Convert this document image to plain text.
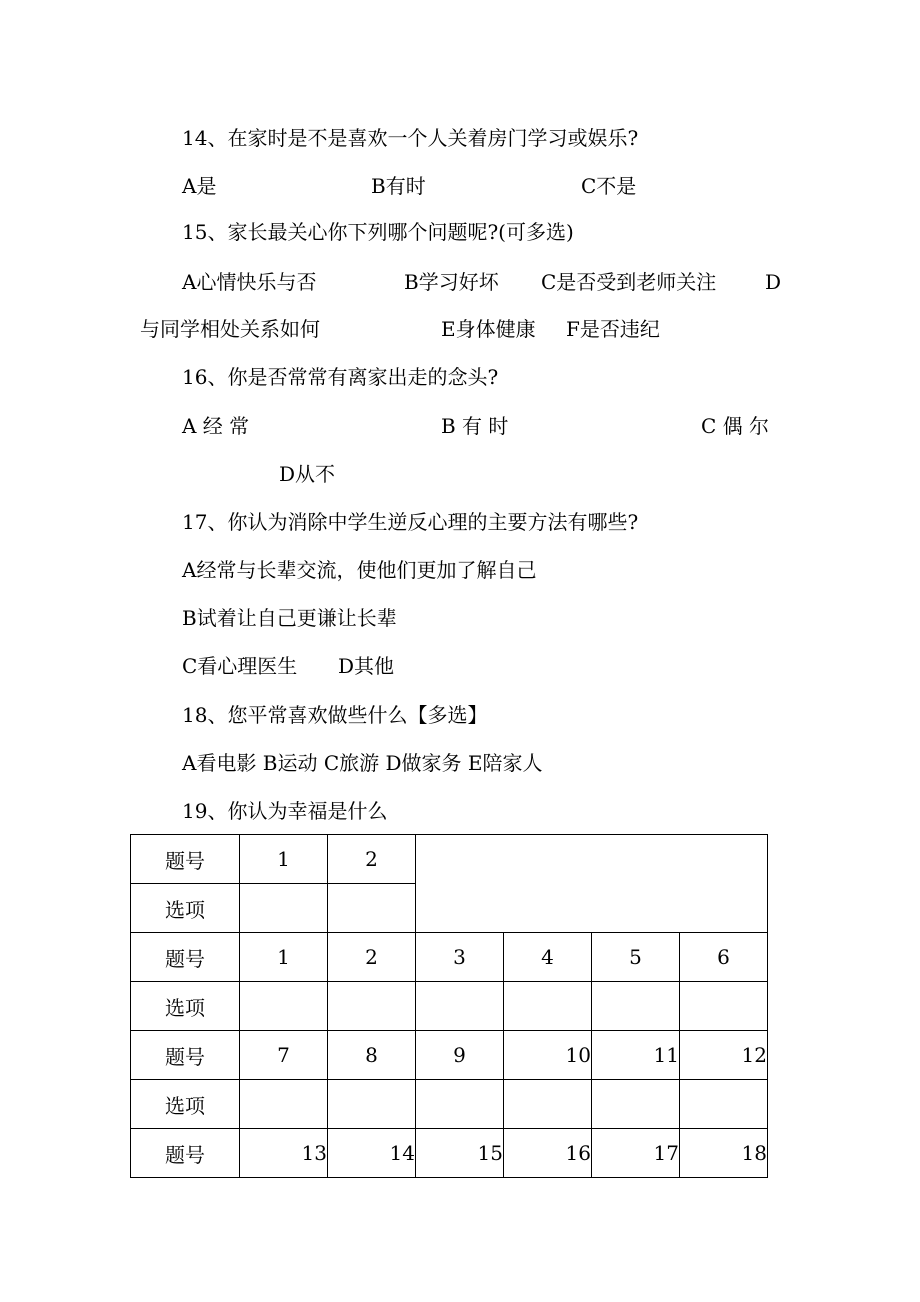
14、在家时是不是喜欢一个人关着房门学习或娱乐?
A是	B有时	C不是
15、家长最关心你下列哪个问题呢?(可多选)
A心情快乐与否	B学习好坏 C是否受到老师关注 D
与同学相处关系如何	E身体健康 F是否违纪
16、你是否常常有离家出走的念头?
A 经 常	B 有 时	C 偶 尔
D从不
17、你认为消除中学生逆反心理的主要方法有哪些?
A经常与长辈交流，使他们更加了解自己
B试着让自己更谦让长辈
C看心理医生 D其他
18、您平常喜欢做些什么【多选】
A看电影 B运动 C旅游 D做家务 E陪家人
19、你认为幸福是什么
题号	1	2				
选项						
题号	1	2	3	4	5	6
选项						
题号	7	8	9	10	11	12
选项						
题号	13	14	15	16	17	18
